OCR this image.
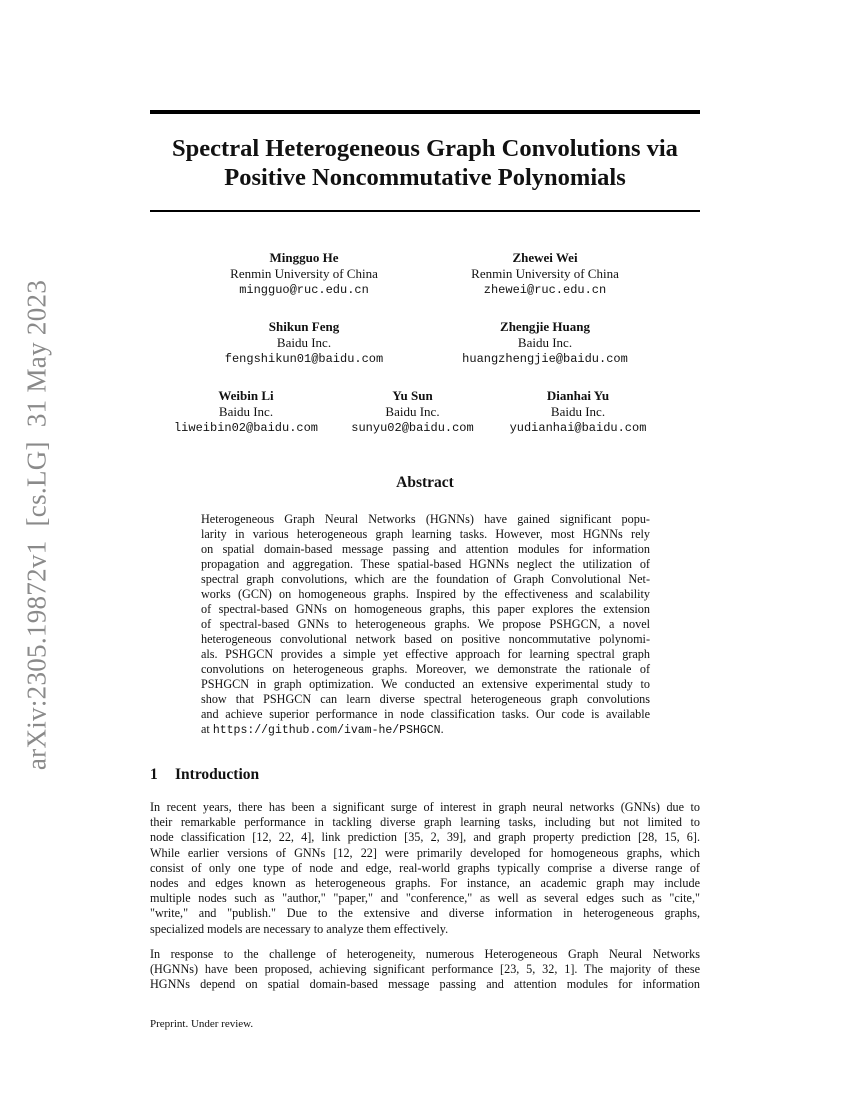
arXiv:2305.19872v1[cs.LG]31 May 2023
Spectral Heterogeneous Graph Convolutions via
Positive Noncommutative Polynomials
Mingguo He
Renmin University of China
mingguo@ruc.edu.cn
Zhewei Wei
Renmin University of China
zhewei@ruc.edu.cn
Shikun Feng
Baidu Inc.
fengshikun01@baidu.com
Zhengjie Huang
Baidu Inc.
huangzhengjie@baidu.com
Weibin Li
Baidu Inc.
liweibin02@baidu.com
Yu Sun
Baidu Inc.
sunyu02@baidu.com
Dianhai Yu
Baidu Inc.
yudianhai@baidu.com
Abstract
Heterogeneous Graph Neural Networks (HGNNs) have gained significant popu-
larity in various heterogeneous graph learning tasks. However, most HGNNs rely
on spatial domain-based message passing and attention modules for information
propagation and aggregation. These spatial-based HGNNs neglect the utilization of
spectral graph convolutions, which are the foundation of Graph Convolutional Net-
works (GCN) on homogeneous graphs. Inspired by the effectiveness and scalability
of spectral-based GNNs on homogeneous graphs, this paper explores the extension
of spectral-based GNNs to heterogeneous graphs. We propose PSHGCN, a novel
heterogeneous convolutional network based on positive noncommutative polynomi-
als. PSHGCN provides a simple yet effective approach for learning spectral graph
convolutions on heterogeneous graphs. Moreover, we demonstrate the rationale of
PSHGCN in graph optimization. We conducted an extensive experimental study to
show that PSHGCN can learn diverse spectral heterogeneous graph convolutions
and achieve superior performance in node classification tasks. Our code is available
at https://github.com/ivam-he/PSHGCN.
1 Introduction
In recent years, there has been a significant surge of interest in graph neural networks (GNNs) due to
their remarkable performance in tackling diverse graph learning tasks, including but not limited to
node classification [12, 22, 4], link prediction [35, 2, 39], and graph property prediction [28, 15, 6].
While earlier versions of GNNs [12, 22] were primarily developed for homogeneous graphs, which
consist of only one type of node and edge, real-world graphs typically comprise a diverse range of
nodes and edges known as heterogeneous graphs. For instance, an academic graph may include
multiple nodes such as "author," "paper," and "conference," as well as several edges such as "cite,"
"write," and "publish." Due to the extensive and diverse information in heterogeneous graphs,
specialized models are necessary to analyze them effectively.
In response to the challenge of heterogeneity, numerous Heterogeneous Graph Neural Networks
(HGNNs) have been proposed, achieving significant performance [23, 5, 32, 1]. The majority of these
HGNNs depend on spatial domain-based message passing and attention modules for information
Preprint. Under review.
